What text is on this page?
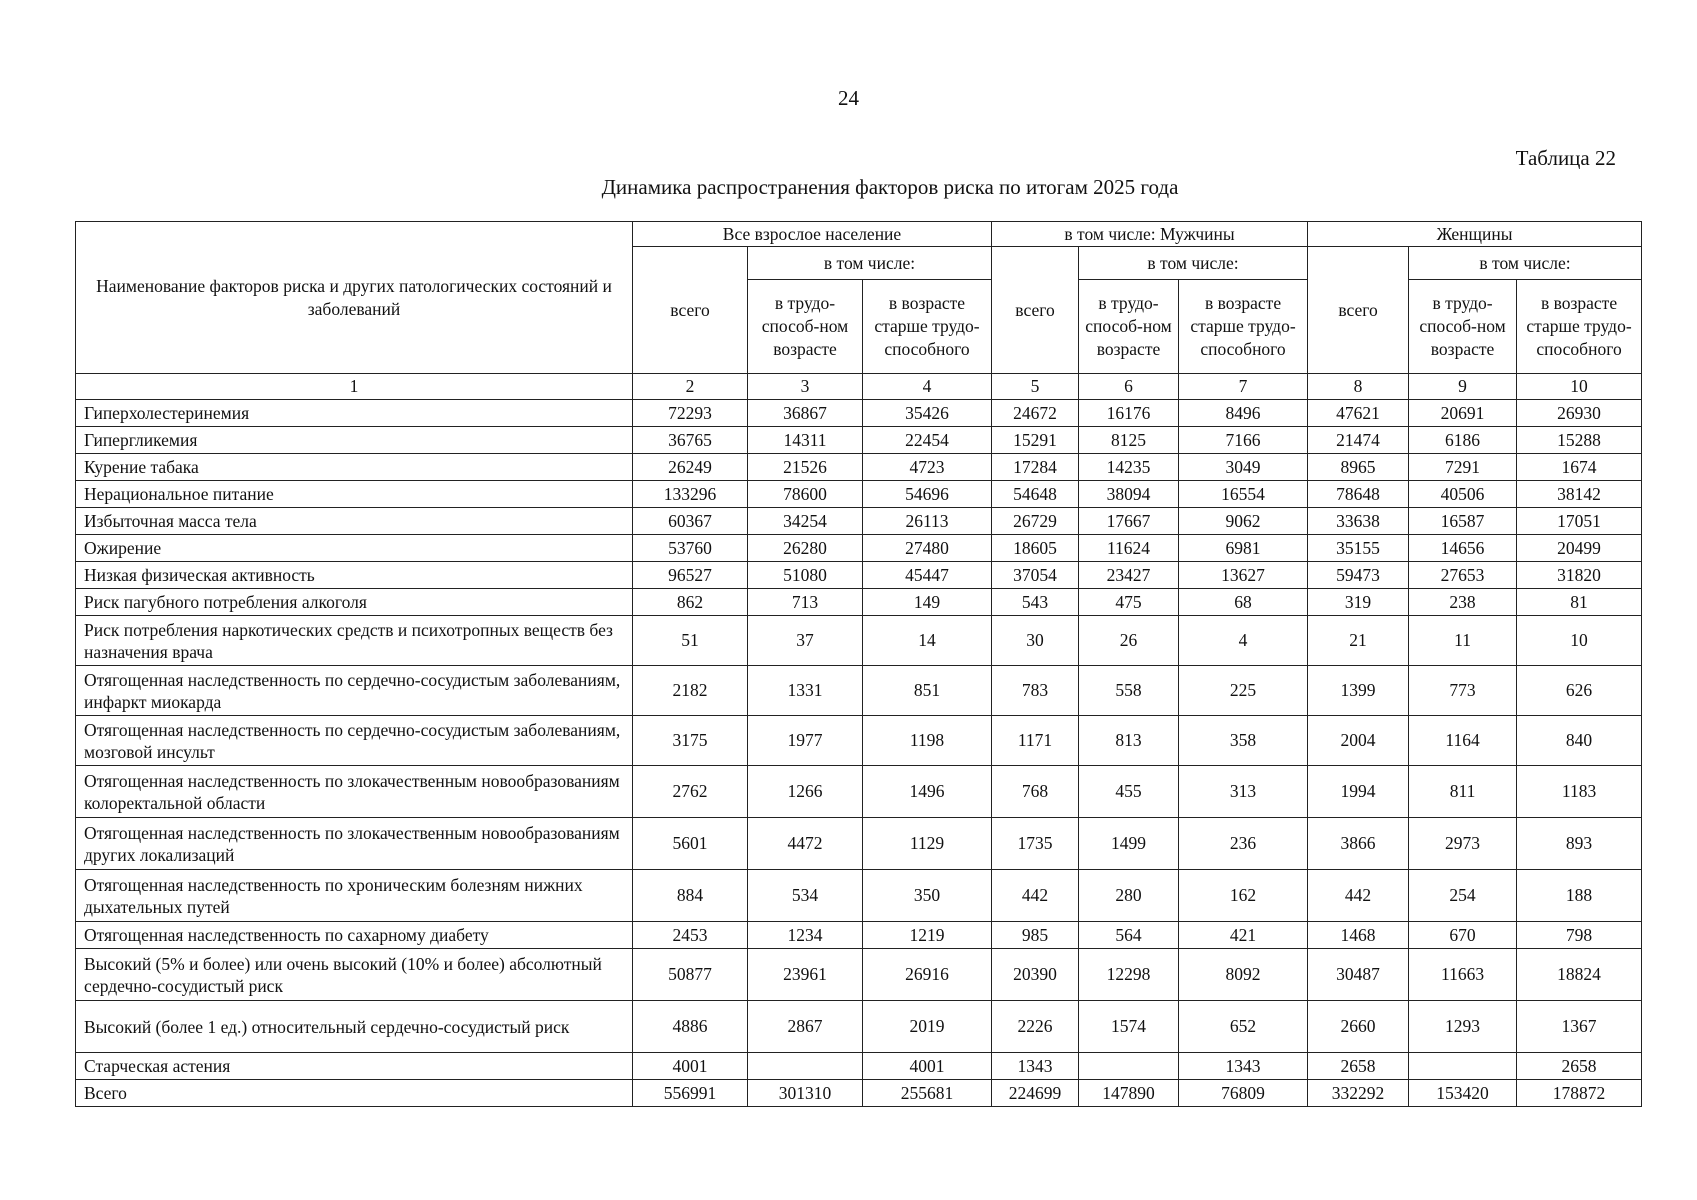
24
Таблица 22
Динамика распространения факторов риска по итогам 2025 года
Наименование факторов риска и других патологических состояний и заболеваний	Все взрослое население			в том числе: Мужчины			Женщины		
	всего	в том числе:		всего	в том числе:		всего	в том числе:	
		в трудо-способ-ном возрасте	в возрасте старше трудо-способного		в трудо-способ-ном возрасте	в возрасте старше трудо-способного		в трудо-способ-ном возрасте	в возрасте старше трудо-способного
1	2	3	4	5	6	7	8	9	10
Гиперхолестеринемия	72293	36867	35426	24672	16176	8496	47621	20691	26930
Гипергликемия	36765	14311	22454	15291	8125	7166	21474	6186	15288
Курение табака	26249	21526	4723	17284	14235	3049	8965	7291	1674
Нерациональное питание	133296	78600	54696	54648	38094	16554	78648	40506	38142
Избыточная масса тела	60367	34254	26113	26729	17667	9062	33638	16587	17051
Ожирение	53760	26280	27480	18605	11624	6981	35155	14656	20499
Низкая физическая активность	96527	51080	45447	37054	23427	13627	59473	27653	31820
Риск пагубного потребления алкоголя	862	713	149	543	475	68	319	238	81
Риск потребления наркотических средств и психотропных веществ без назначения врача	51	37	14	30	26	4	21	11	10
Отягощенная наследственность по сердечно-сосудистым заболеваниям, инфаркт миокарда	2182	1331	851	783	558	225	1399	773	626
Отягощенная наследственность по сердечно-сосудистым заболеваниям, мозговой инсульт	3175	1977	1198	1171	813	358	2004	1164	840
Отягощенная наследственность по злокачественным новообразованиям колоректальной области	2762	1266	1496	768	455	313	1994	811	1183
Отягощенная наследственность по злокачественным новообразованиям других локализаций	5601	4472	1129	1735	1499	236	3866	2973	893
Отягощенная наследственность по хроническим болезням нижних дыхательных путей	884	534	350	442	280	162	442	254	188
Отягощенная наследственность по сахарному диабету	2453	1234	1219	985	564	421	1468	670	798
Высокий (5% и более) или очень высокий (10% и более) абсолютный сердечно-сосудистый риск	50877	23961	26916	20390	12298	8092	30487	11663	18824
Высокий (более 1 ед.) относительный сердечно-сосудистый риск	4886	2867	2019	2226	1574	652	2660	1293	1367
Старческая астения	4001		4001	1343		1343	2658		2658
Всего	556991	301310	255681	224699	147890	76809	332292	153420	178872
